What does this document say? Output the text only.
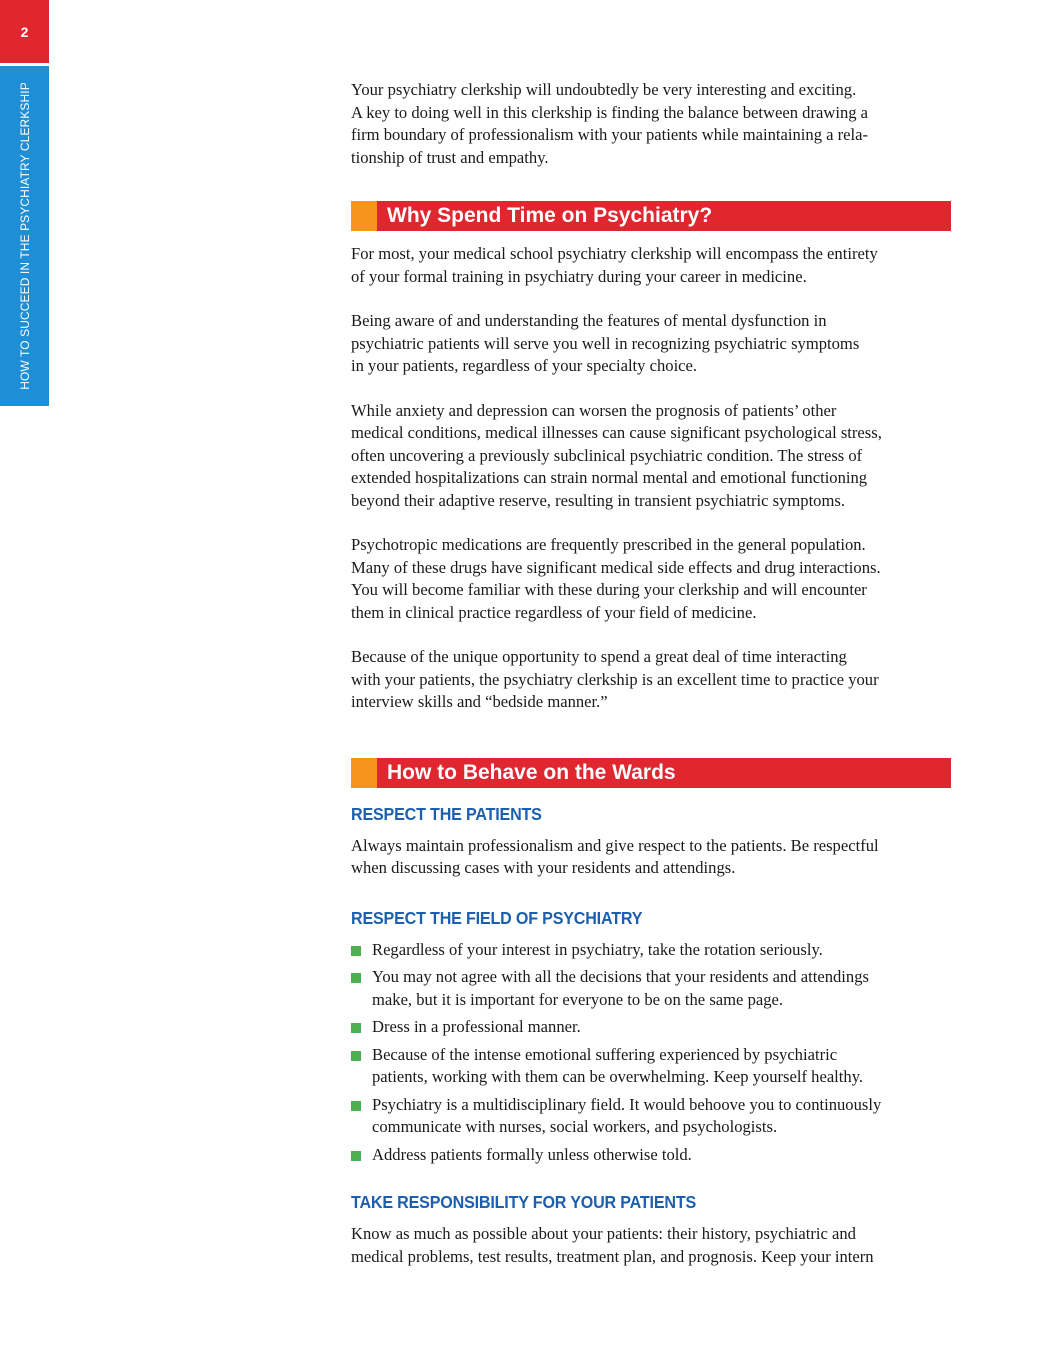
2
HOW TO SUCCEED IN THE PSYCHIATRY CLERKSHIP	Your psychiatry clerkship will undoubtedly be very interesting and exciting.
A key to doing well in this clerkship is finding the balance between drawing a
firm boundary of professionalism with your patients while maintaining a rela-
tionship of trust and empathy.

Why Spend Time on Psychiatry?

For most, your medical school psychiatry clerkship will encompass the entirety
of your formal training in psychiatry during your career in medicine.

Being aware of and understanding the features of mental dysfunction in
psychiatric patients will serve you well in recognizing psychiatric symptoms
in your patients, regardless of your specialty choice.

While anxiety and depression can worsen the prognosis of patients’ other
medical conditions, medical illnesses can cause significant psychological stress,
often uncovering a previously subclinical psychiatric condition. The stress of
extended hospitalizations can strain normal mental and emotional functioning
beyond their adaptive reserve, resulting in transient psychiatric symptoms.

Psychotropic medications are frequently prescribed in the general population.
Many of these drugs have significant medical side effects and drug interactions.
You will become familiar with these during your clerkship and will encounter
them in clinical practice regardless of your field of medicine.

Because of the unique opportunity to spend a great deal of time interacting
with your patients, the psychiatry clerkship is an excellent time to practice your
interview skills and “bedside manner.”

How to Behave on the Wards
RESPECT THE PATIENTS

Always maintain professionalism and give respect to the patients. Be respectful
when discussing cases with your residents and attendings.

RESPECT THE FIELD OF PSYCHIATRY
Regardless of your interest in psychiatry, take the rotation seriously.
You may not agree with all the decisions that your residents and attendings
make, but it is important for everyone to be on the same page.
Dress in a professional manner.
Because of the intense emotional suffering experienced by psychiatric
patients, working with them can be overwhelming. Keep yourself healthy.
Psychiatry is a multidisciplinary field. It would behoove you to continuously
communicate with nurses, social workers, and psychologists.
Address patients formally unless otherwise told.
TAKE RESPONSIBILITY FOR YOUR PATIENTS

Know as much as possible about your patients: their history, psychiatric and
medical problems, test results, treatment plan, and prognosis. Keep your intern
